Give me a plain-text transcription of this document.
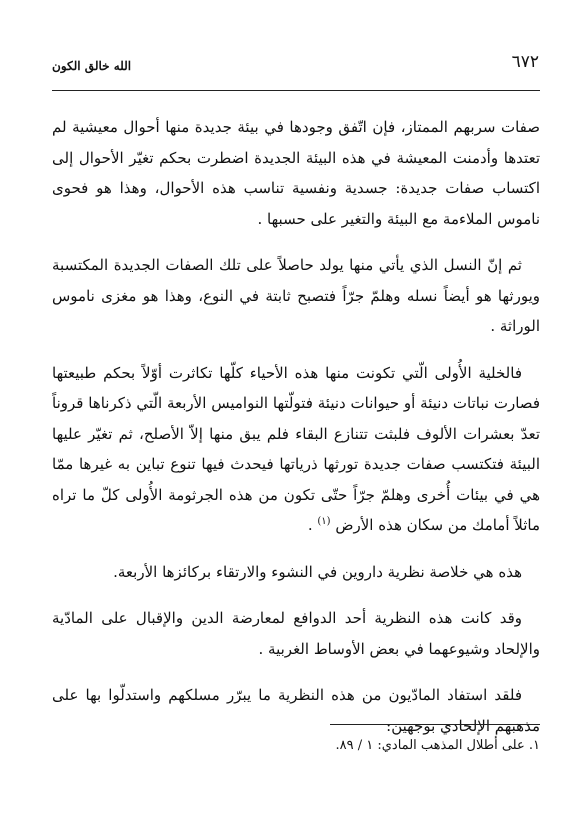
٦٧٢
الله خالق الكون

صفات سربهم الممتاز، فإن اتّفق وجودها في بيئة جديدة منها أحوال معيشية لم تعتدها وأدمنت المعيشة في هذه البيئة الجديدة اضطرت بحكم تغيّر الأحوال إلى اكتساب صفات جديدة: جسدية ونفسية تناسب هذه الأحوال، وهذا هو فحوى ناموس الملاءمة مع البيئة والتغير على حسبها .

ثم إنّ النسل الذي يأتي منها يولد حاصلاً على تلك الصفات الجديدة المكتسبة ويورثها هو أيضاً نسله وهلمّ جرّاً فتصبح ثابتة في النوع، وهذا هو مغزى ناموس الوراثة .

فالخلية الأُولى الّتي تكونت منها هذه الأحياء كلّها تكاثرت أوّلاً بحكم طبيعتها فصارت نباتات دنيئة أو حيوانات دنيئة فتولّتها النواميس الأربعة الّتي ذكرناها قروناً تعدّ بعشرات الألوف فلبثت تتنازع البقاء فلم يبق منها إلاّ الأصلح، ثم تغيّر عليها البيئة فتكتسب صفات جديدة تورثها ذرياتها فيحدث فيها تنوع تباين به غيرها ممّا هي في بيئات أُخرى وهلمّ جرّاً حتّى تكون من هذه الجرثومة الأُولى كلّ ما تراه ماثلاً أمامك من سكان هذه الأرض $^{(١)}$ .

هذه هي خلاصة نظرية داروين في النشوء والارتقاء بركائزها الأربعة.

وقد كانت هذه النظرية أحد الدوافع لمعارضة الدين والإقبال على المادّية والإلحاد وشيوعهما في بعض الأوساط الغربية .

فلقد استفاد المادّيون من هذه النظرية ما يبرّر مسلكهم واستدلّوا بها على مذهبهم الإلحادي بوجهين:

١. على أطلال المذهب المادي: ١ / ٨٩.
